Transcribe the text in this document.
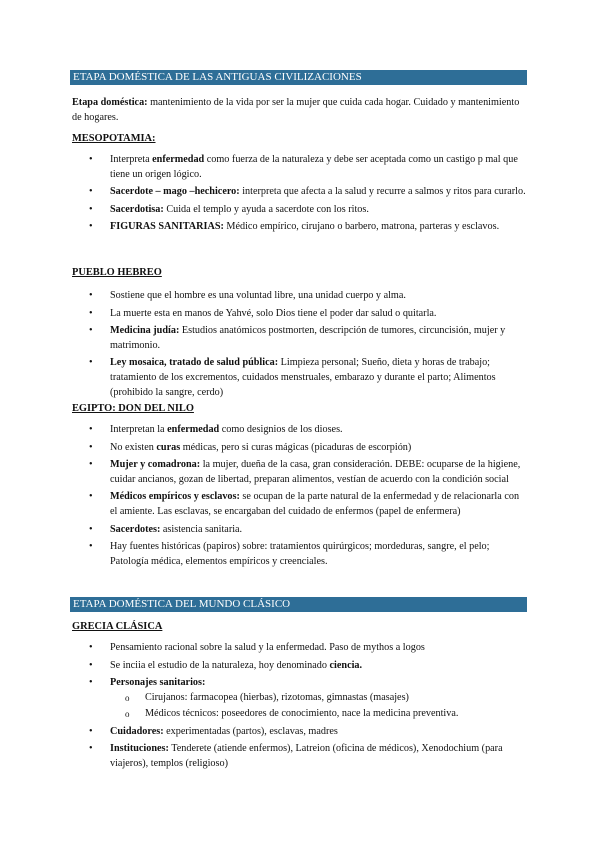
ETAPA DOMÉSTICA DE LAS ANTIGUAS CIVILIZACIONES
Etapa doméstica: mantenimiento de la vida por ser la mujer que cuida cada hogar. Cuidado y mantenimiento de hogares.
MESOPOTAMIA:
• Interpreta enfermedad como fuerza de la naturaleza y debe ser aceptada como un castigo p mal que tiene un origen lógico.
• Sacerdote – mago –hechicero: interpreta que afecta a la salud y recurre a salmos y ritos para curarlo.
• Sacerdotisa: Cuida el templo y ayuda a sacerdote con los ritos.
• FIGURAS SANITARIAS: Médico empírico, cirujano o barbero, matrona, parteras y esclavos.
PUEBLO HEBREO
• Sostiene que el hombre es una voluntad libre, una unidad cuerpo y alma.
• La muerte esta en manos de Yahvé, solo Dios tiene el poder dar salud o quitarla.
• Medicina judía: Estudios anatómicos postmorten, descripción de tumores, circuncisión, mujer y matrimonio.
• Ley mosaica, tratado de salud pública: Limpieza personal; Sueño, dieta y horas de trabajo; tratamiento de los excrementos, cuidados menstruales, embarazo y durante el parto; Alimentos (prohibido la sangre, cerdo)
EGIPTO: DON DEL NILO
• Interpretan la enfermedad como designios de los dioses.
• No existen curas médicas, pero si curas mágicas (picaduras de escorpión)
• Mujer y comadrona: la mujer, dueña de la casa, gran consideración. DEBE: ocuparse de la higiene, cuidar ancianos, gozan de libertad, preparan alimentos, vestían de acuerdo con la condición social
• Médicos empíricos y esclavos: se ocupan de la parte natural de la enfermedad y de relacionarla con el amiente. Las esclavas, se encargaban del cuidado de enfermos (papel de enfermera)
• Sacerdotes: asistencia sanitaria.
• Hay fuentes históricas (papiros) sobre: tratamientos quirúrgicos; mordeduras, sangre, el pelo; Patología médica, elementos empíricos y creenciales.
ETAPA DOMÉSTICA DEL MUNDO CLÁSICO
GRECIA CLÁSICA
• Pensamiento racional sobre la salud y la enfermedad. Paso de mythos a logos
• Se inciia el estudio de la naturaleza, hoy denominado ciencia.
• Personajes sanitarios:
o Cirujanos: farmacopea (hierbas), rizotomas, gimnastas (masajes)
o Médicos técnicos: poseedores de conocimiento, nace la medicina preventiva.
• Cuidadores: experimentadas (partos), esclavas, madres
• Instituciones: Tenderete (atiende enfermos), Latreion (oficina de médicos), Xenodochium (para viajeros), templos (religioso)
